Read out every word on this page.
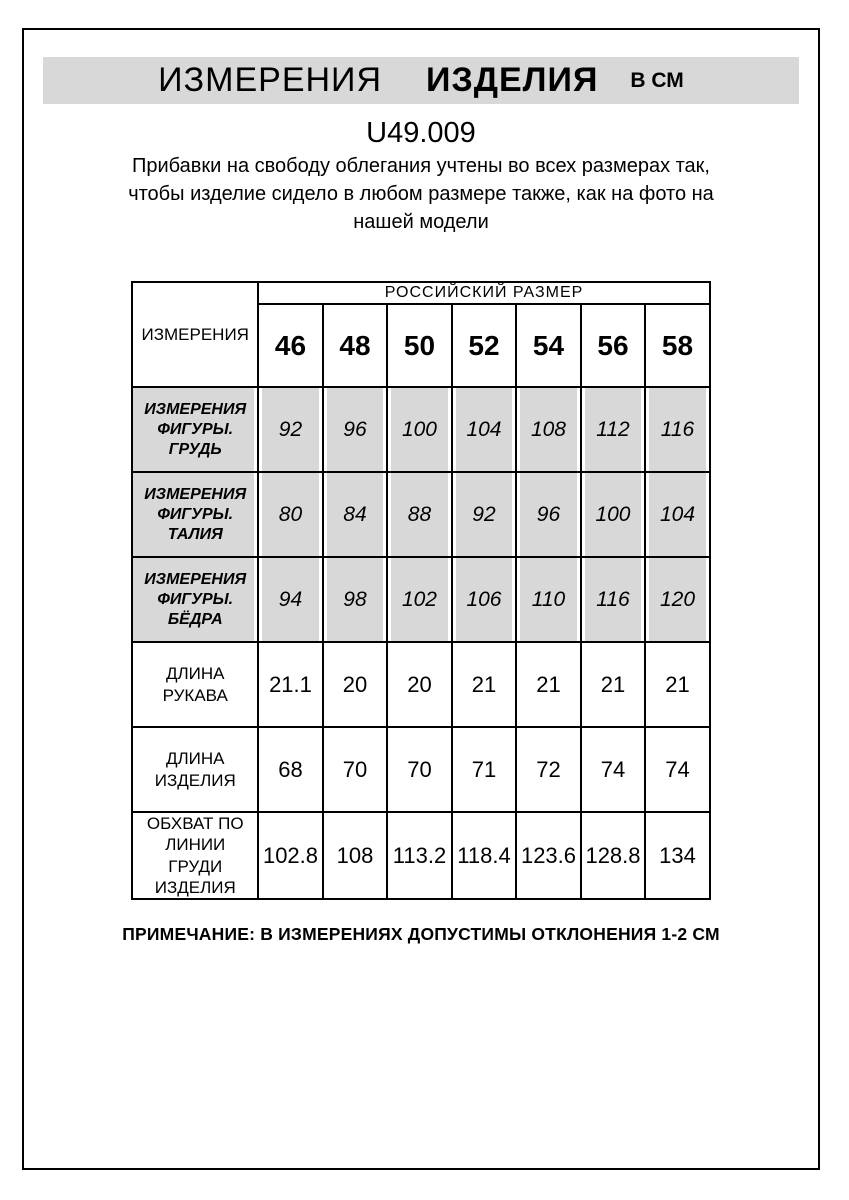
ИЗМЕРЕНИЯ ИЗДЕЛИЯ В СМ
U49.009
Прибавки на свободу облегания учтены во всех размерах так,
чтобы изделие сидело в любом размере также, как на фото на
нашей модели
ИЗМЕРЕНИЯ	РОССИЙСКИЙ РАЗМЕР						
	46	48	50	52	54	56	58
ИЗМЕРЕНИЯ ФИГУРЫ. ГРУДЬ	92	96	100	104	108	112	116
ИЗМЕРЕНИЯ ФИГУРЫ. ТАЛИЯ	80	84	88	92	96	100	104
ИЗМЕРЕНИЯ ФИГУРЫ. БЁДРА	94	98	102	106	110	116	120
ДЛИНА РУКАВА	21.1	20	20	21	21	21	21
ДЛИНА ИЗДЕЛИЯ	68	70	70	71	72	74	74
ОБХВАТ ПО ЛИНИИ ГРУДИ ИЗДЕЛИЯ	102.8	108	113.2	118.4	123.6	128.8	134
ПРИМЕЧАНИЕ: В ИЗМЕРЕНИЯХ ДОПУСТИМЫ ОТКЛОНЕНИЯ 1-2 СМ
